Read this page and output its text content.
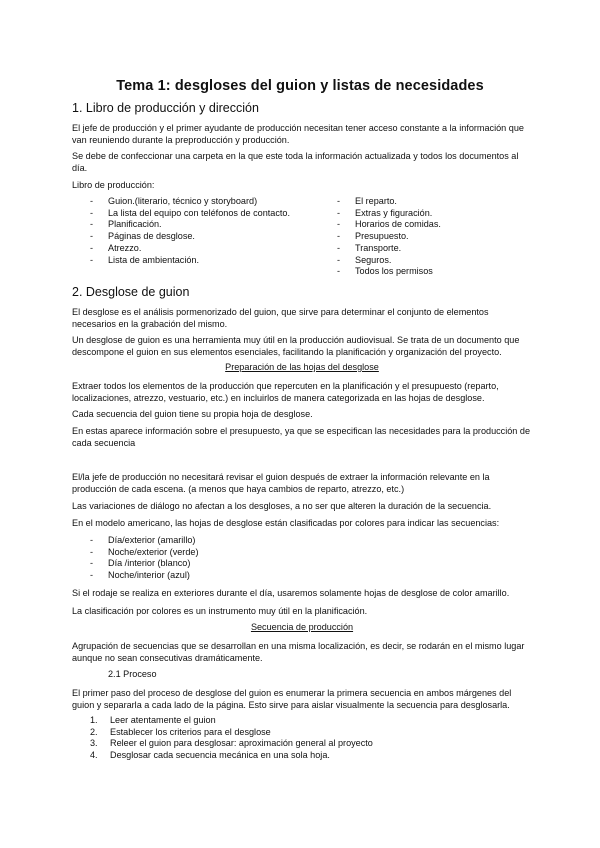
Tema 1: desgloses del guion y listas de necesidades
1. Libro de producción y dirección
El jefe de producción y el primer ayudante de producción necesitan tener acceso constante a la información que van reuniendo durante la preproducción y producción.
Se debe de confeccionar una carpeta en la que este toda la información actualizada y todos los documentos al día.
Libro de producción:
- Guion.(literario, técnico y storyboard)
- La lista del equipo con teléfonos de contacto.
- Planificación.
- Páginas de desglose.
- Atrezzo.
- Lista de ambientación.
- El reparto.
- Extras y figuración.
- Horarios de comidas.
- Presupuesto.
- Transporte.
- Seguros.
- Todos los permisos
2. Desglose de guion
El desglose es el análisis pormenorizado del guion, que sirve para determinar el conjunto de elementos necesarios en la grabación del mismo.
Un desglose de guion es una herramienta muy útil en la producción audiovisual. Se trata de un documento que descompone el guion en sus elementos esenciales, facilitando la planificación y organización del proyecto.
Preparación de las hojas del desglose
Extraer todos los elementos de la producción que repercuten en la planificación y el presupuesto (reparto, localizaciones, atrezzo, vestuario, etc.) en incluirlos de manera categorizada en las hojas de desglose.
Cada secuencia del guion tiene su propia hoja de desglose.
En estas aparece información sobre el presupuesto, ya que se especifican las necesidades para la producción de cada secuencia
El/la jefe de producción no necesitará revisar el guion después de extraer la información relevante en la producción de cada escena. (a menos que haya cambios de reparto, atrezzo, etc.)
Las variaciones de diálogo no afectan a los desgloses, a no ser que alteren la duración de la secuencia.
En el modelo americano, las hojas de desglose están clasificadas por colores para indicar las secuencias:
- Día/exterior (amarillo)
- Noche/exterior (verde)
- Día /interior (blanco)
- Noche/interior (azul)
Si el rodaje se realiza en exteriores durante el día, usaremos solamente hojas de desglose de color amarillo.
La clasificación por colores es un instrumento muy útil en la planificación.
Secuencia de producción
Agrupación de secuencias que se desarrollan en una misma localización, es decir, se rodarán en el mismo lugar aunque no sean consecutivas dramáticamente.
2.1 Proceso
El primer paso del proceso de desglose del guion es enumerar la primera secuencia en ambos márgenes del guion y separarla a cada lado de la página. Esto sirve para aislar visualmente la secuencia para desglosarla.
1. Leer atentamente el guion
2. Establecer los criterios para el desglose
3. Releer el guion para desglosar: aproximación general al proyecto
4. Desglosar cada secuencia mecánica en una sola hoja.
